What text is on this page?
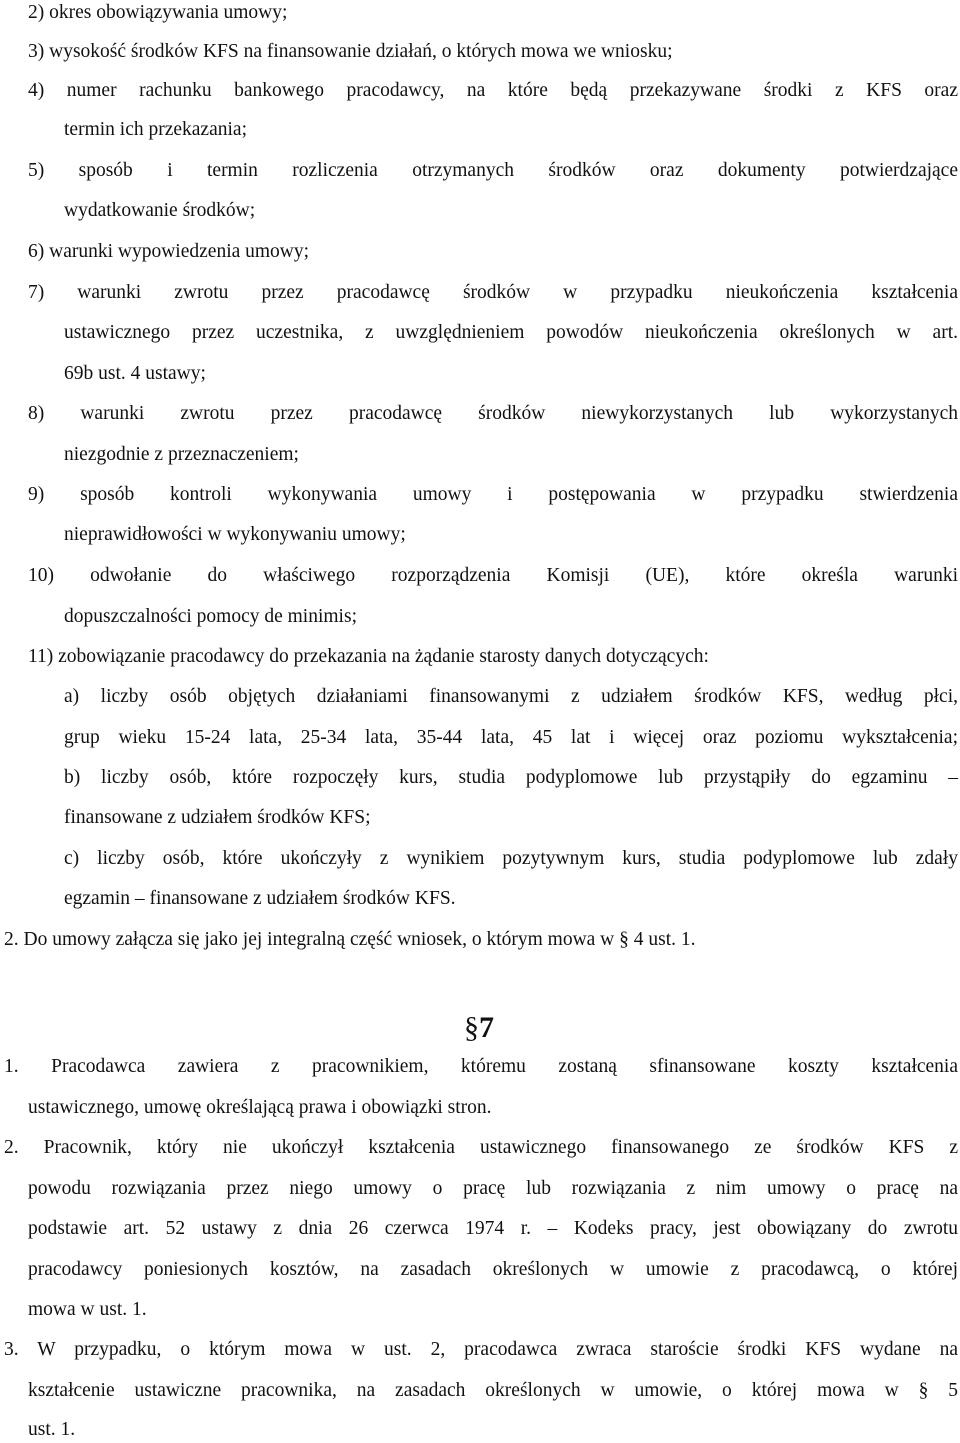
2) okres obowiązywania umowy;
3) wysokość środków KFS na finansowanie działań, o których mowa we wniosku;
4) numer rachunku bankowego pracodawcy, na które będą przekazywane środki z KFS oraz
termin ich przekazania;
5) sposób i termin rozliczenia otrzymanych środków oraz dokumenty potwierdzające
wydatkowanie środków;
6) warunki wypowiedzenia umowy;
7) warunki zwrotu przez pracodawcę środków w przypadku nieukończenia kształcenia
ustawicznego przez uczestnika, z uwzględnieniem powodów nieukończenia określonych w art.
69b ust. 4 ustawy;
8) warunki zwrotu przez pracodawcę środków niewykorzystanych lub wykorzystanych
niezgodnie z przeznaczeniem;
9) sposób kontroli wykonywania umowy i postępowania w przypadku stwierdzenia
nieprawidłowości w wykonywaniu umowy;
10) odwołanie do właściwego rozporządzenia Komisji (UE), które określa warunki
dopuszczalności pomocy de minimis;
11) zobowiązanie pracodawcy do przekazania na żądanie starosty danych dotyczących:
a) liczby osób objętych działaniami finansowanymi z udziałem środków KFS, według płci,
grup wieku 15-24 lata, 25-34 lata, 35-44 lata, 45 lat i więcej oraz poziomu wykształcenia;
b) liczby osób, które rozpoczęły kurs, studia podyplomowe lub przystąpiły do egzaminu –
finansowane z udziałem środków KFS;
c) liczby osób, które ukończyły z wynikiem pozytywnym kurs, studia podyplomowe lub zdały
egzamin – finansowane z udziałem środków KFS.
2. Do umowy załącza się jako jej integralną część wniosek, o którym mowa w § 4 ust. 1.
§7
1. Pracodawca zawiera z pracownikiem, któremu zostaną sfinansowane koszty kształcenia
ustawicznego, umowę określającą prawa i obowiązki stron.
2. Pracownik, który nie ukończył kształcenia ustawicznego finansowanego ze środków KFS z
powodu rozwiązania przez niego umowy o pracę lub rozwiązania z nim umowy o pracę na
podstawie art. 52 ustawy z dnia 26 czerwca 1974 r. – Kodeks pracy, jest obowiązany do zwrotu
pracodawcy poniesionych kosztów, na zasadach określonych w umowie z pracodawcą, o której
mowa w ust. 1.
3. W przypadku, o którym mowa w ust. 2, pracodawca zwraca staroście środki KFS wydane na
kształcenie ustawiczne pracownika, na zasadach określonych w umowie, o której mowa w § 5
ust. 1.
